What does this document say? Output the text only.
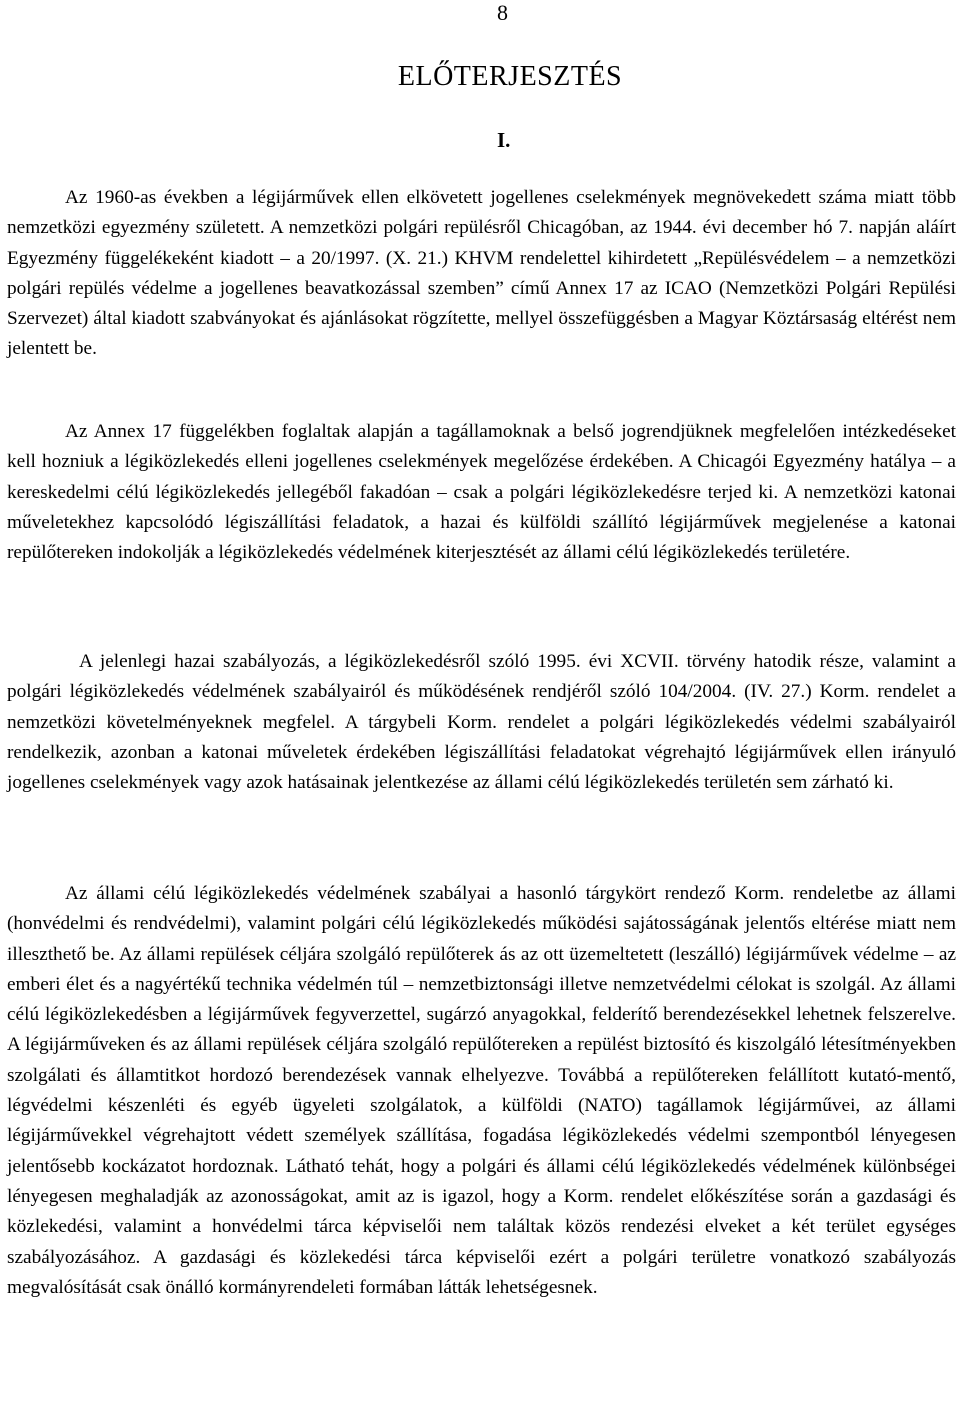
8
ELŐTERJESZTÉS
I.

Az 1960-as években a légijárművek ellen elkövetett jogellenes cselekmények megnövekedett száma miatt több nemzetközi egyezmény született. A nemzetközi polgári repülésről Chicagóban, az 1944. évi december hó 7. napján aláírt Egyezmény függelékeként kiadott – a 20/1997. (X. 21.) KHVM rendelettel kihirdetett „Repülésvédelem – a nemzetközi polgári repülés védelme a jogellenes beavatkozással szemben” című Annex 17 az ICAO (Nemzetközi Polgári Repülési Szervezet) által kiadott szabványokat és ajánlásokat rögzítette, mellyel összefüggésben a Magyar Köztársaság eltérést nem jelentett be.

Az Annex 17 függelékben foglaltak alapján a tagállamoknak a belső jogrendjüknek megfelelően intézkedéseket kell hozniuk a légiközlekedés elleni jogellenes cselekmények megelőzése érdekében. A Chicagói Egyezmény hatálya – a kereskedelmi célú légiközlekedés jellegéből fakadóan – csak a polgári légiközlekedésre terjed ki. A nemzetközi katonai műveletekhez kapcsolódó légiszállítási feladatok, a hazai és külföldi szállító légijárművek megjelenése a katonai repülőtereken indokolják a légiközlekedés védelmének kiterjesztését az állami célú légiközlekedés területére.

A jelenlegi hazai szabályozás, a légiközlekedésről szóló 1995. évi XCVII. törvény hatodik része, valamint a polgári légiközlekedés védelmének szabályairól és működésének rendjéről szóló 104/2004. (IV. 27.) Korm. rendelet a nemzetközi követelményeknek megfelel. A tárgybeli Korm. rendelet a polgári légiközlekedés védelmi szabályairól rendelkezik, azonban a katonai műveletek érdekében légiszállítási feladatokat végrehajtó légijárművek ellen irányuló jogellenes cselekmények vagy azok hatásainak jelentkezése az állami célú légiközlekedés területén sem zárható ki.

Az állami célú légiközlekedés védelmének szabályai a hasonló tárgykört rendező Korm. rendeletbe az állami (honvédelmi és rendvédelmi), valamint polgári célú légiközlekedés működési sajátosságának jelentős eltérése miatt nem illeszthető be. Az állami repülések céljára szolgáló repülőterek ás az ott üzemeltetett (leszálló) légijárművek védelme – az emberi élet és a nagyértékű technika védelmén túl – nemzetbiztonsági illetve nemzetvédelmi célokat is szolgál. Az állami célú légiközlekedésben a légijárművek fegyverzettel, sugárzó anyagokkal, felderítő berendezésekkel lehetnek felszerelve. A légijárműveken és az állami repülések céljára szolgáló repülőtereken a repülést biztosító és kiszolgáló létesítményekben szolgálati és államtitkot hordozó berendezések vannak elhelyezve. Továbbá a repülőtereken felállított kutató-mentő, légvédelmi készenléti és egyéb ügyeleti szolgálatok, a külföldi (NATO) tagállamok légijárművei, az állami légijárművekkel végrehajtott védett személyek szállítása, fogadása légiközlekedés védelmi szempontból lényegesen jelentősebb kockázatot hordoznak. Látható tehát, hogy a polgári és állami célú légiközlekedés védelmének különbségei lényegesen meghaladják az azonosságokat, amit az is igazol, hogy a Korm. rendelet előkészítése során a gazdasági és közlekedési, valamint a honvédelmi tárca képviselői nem találtak közös rendezési elveket a két terület egységes szabályozásához. A gazdasági és közlekedési tárca képviselői ezért a polgári területre vonatkozó szabályozás megvalósítását csak önálló kormányrendeleti formában látták lehetségesnek.
